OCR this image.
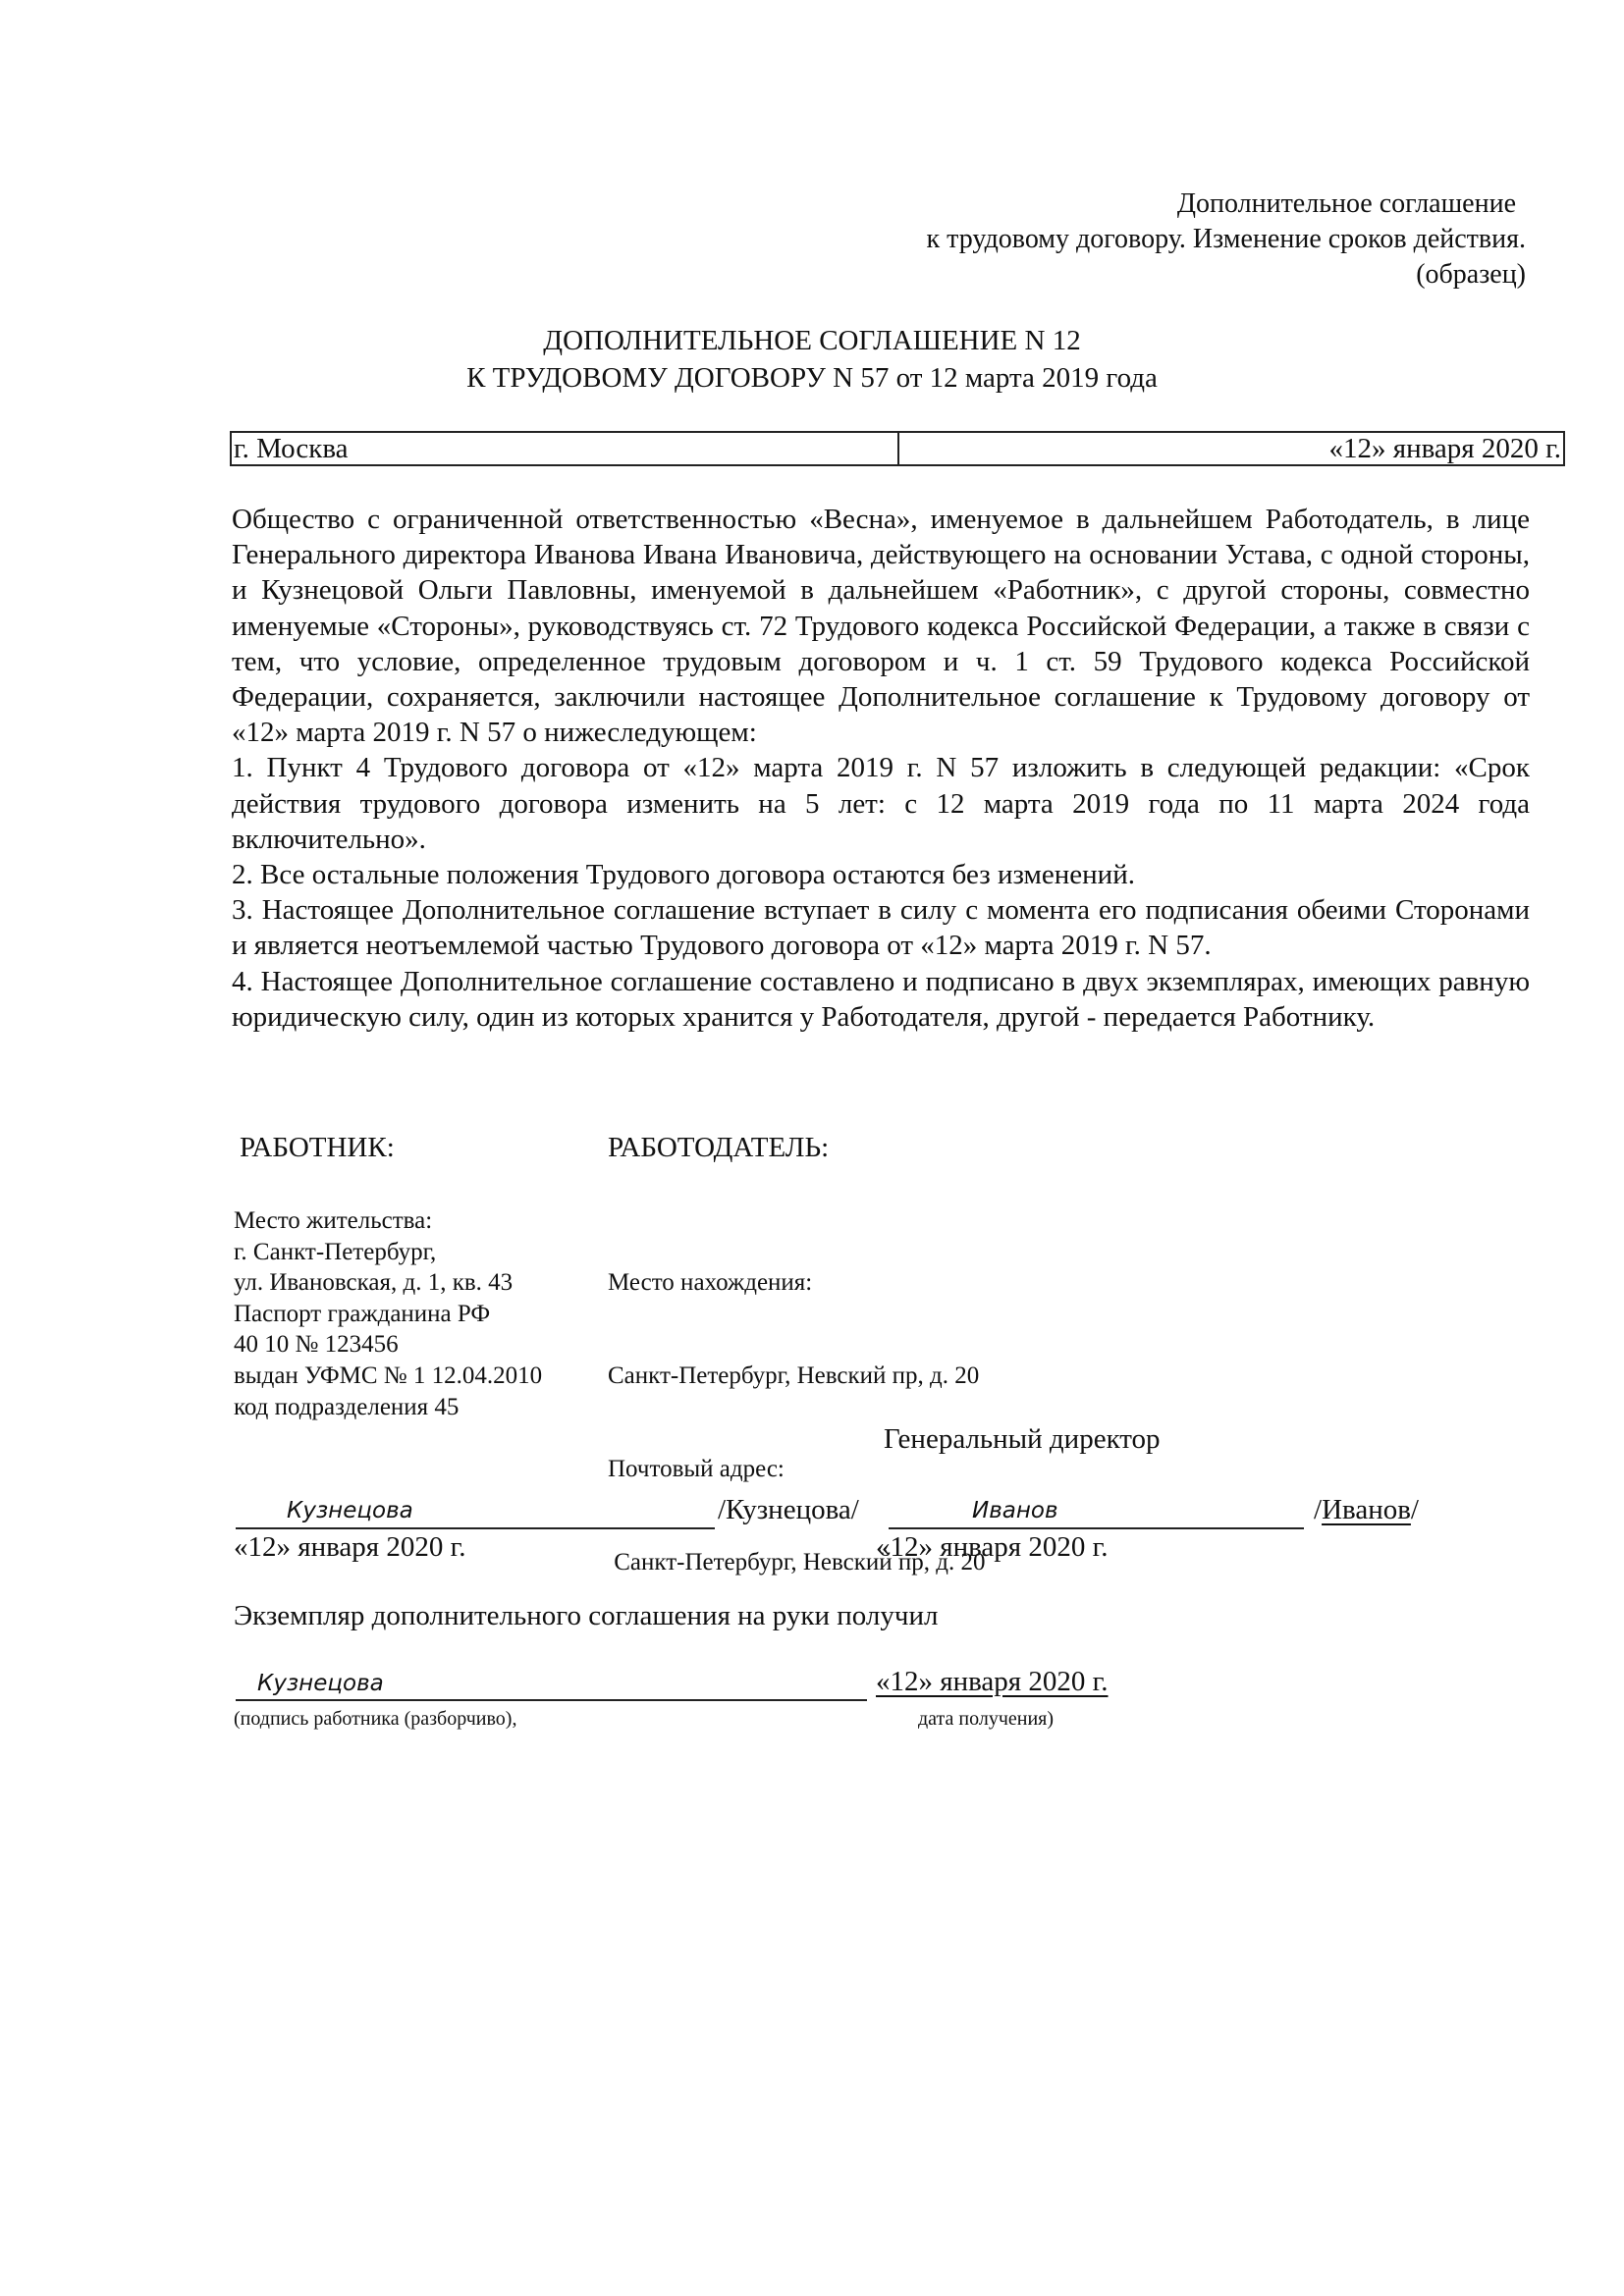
Дополнительное соглашение
к трудовому договору. Изменение сроков действия.
(образец)
ДОПОЛНИТЕЛЬНОЕ СОГЛАШЕНИЕ N 12
К ТРУДОВОМУ ДОГОВОРУ N 57 от 12 марта 2019 года
г. Москва	«12» января 2020 г.

Общество с ограниченной ответственностью «Весна», именуемое в дальнейшем Работодатель, в лице Генерального директора Иванова Ивана Ивановича, действующего на основании Устава, с одной стороны, и Кузнецовой Ольги Павловны, именуемой в дальнейшем «Работник», с другой стороны, совместно именуемые «Стороны», руководствуясь ст. 72 Трудового кодекса Российской Федерации, а также в связи с тем, что условие, определенное трудовым договором и ч. 1 ст. 59 Трудового кодекса Российской Федерации, сохраняется, заключили настоящее Дополнительное соглашение к Трудовому договору от «12» марта 2019 г. N 57 о нижеследующем:

1. Пункт 4 Трудового договора от «12» марта 2019 г. N 57 изложить в следующей редакции: «Срок действия трудового договора изменить на 5 лет: с 12 марта 2019 года по 11 марта 2024 года включительно».

2. Все остальные положения Трудового договора остаются без изменений.

3. Настоящее Дополнительное соглашение вступает в силу с момента его подписания обеими Сторонами и является неотъемлемой частью Трудового договора от «12» марта 2019 г. N 57.

4. Настоящее Дополнительное соглашение составлено и подписано в двух экземплярах, имеющих равную юридическую силу, один из которых хранится у Работодателя, другой - передается Работнику.

РАБОТНИК:	РАБОТОДАТЕЛЬ:
Место жительства:
г. Санкт-Петербург,
ул. Ивановская, д. 1, кв. 43
Паспорт гражданина РФ
40 10 № 123456
выдан УФМС № 1 12.04.2010
код подразделения 45

Место нахождения:

Санкт-Петербург, Невский пр, д. 20

Почтовый адрес:

Санкт-Петербург, Невский пр, д. 20

Генеральный директор
Кузнецова	/Кузнецова/
«12» января 2020 г.
Иванов	/Иванов/
«12» января 2020 г.
Экземпляр дополнительного соглашения на руки получил
Кузнецова	«12» января 2020 г.
(подпись работника (разборчиво),	дата получения)
